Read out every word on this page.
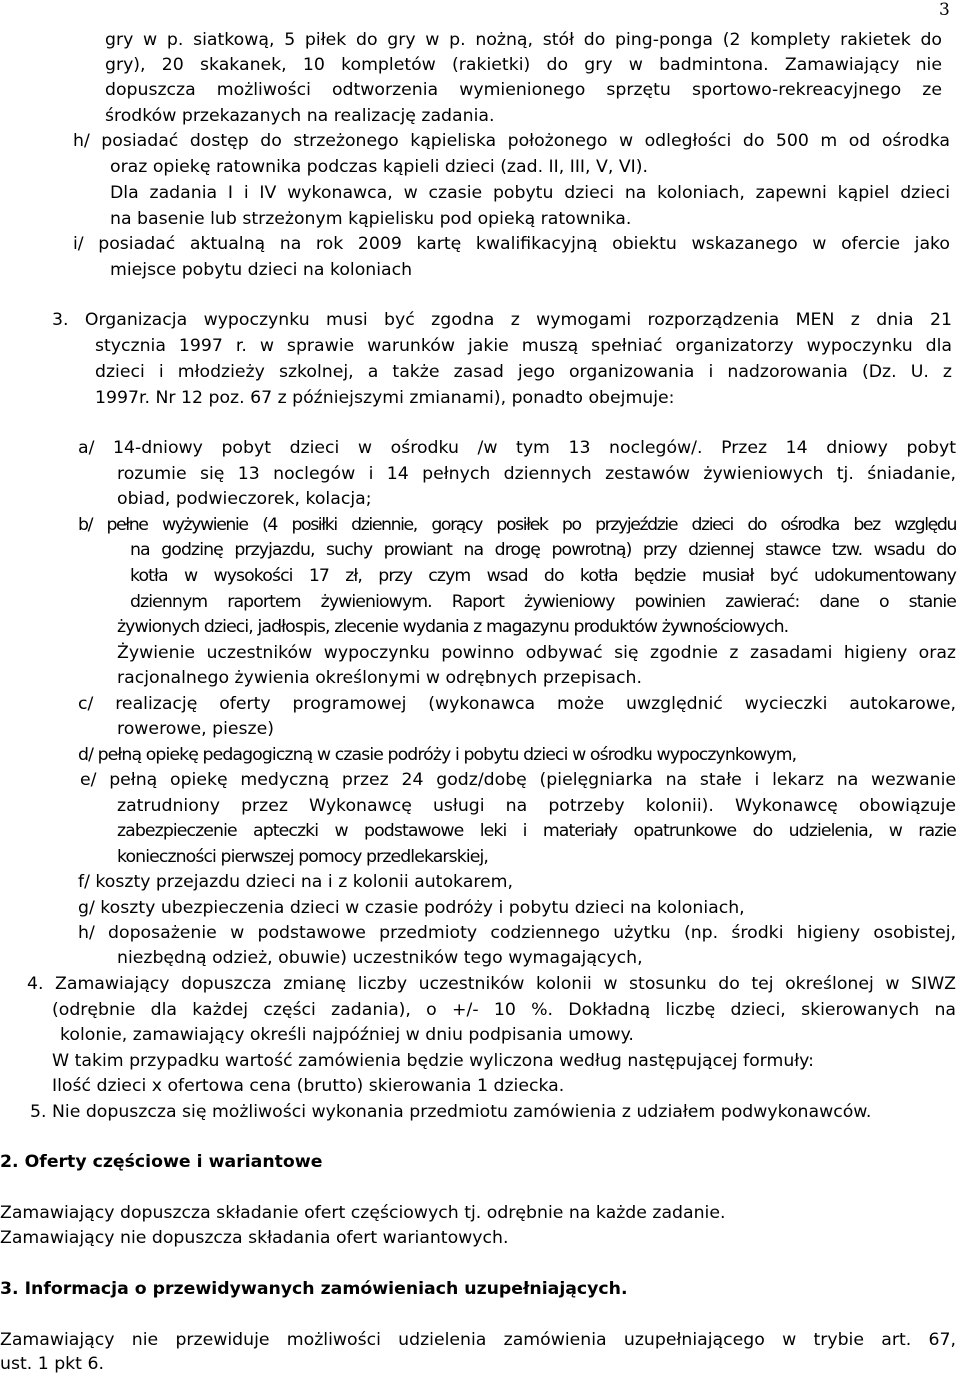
3
gry w p. siatkową, 5 piłek do gry w p. nożną, stół do ping-ponga (2 komplety rakietek do
gry), 20 skakanek, 10 kompletów (rakietki) do gry w badmintona. Zamawiający nie
dopuszcza możliwości odtworzenia wymienionego sprzętu sportowo-rekreacyjnego ze
środków przekazanych na realizację zadania.
h/ posiadać dostęp do strzeżonego kąpieliska położonego w odległości do 500 m od ośrodka
oraz opiekę ratownika podczas kąpieli dzieci (zad. II, III, V, VI).
Dla zadania I i IV wykonawca, w czasie pobytu dzieci na koloniach, zapewni kąpiel dzieci
na basenie lub strzeżonym kąpielisku pod opieką ratownika.
i/ posiadać aktualną na rok 2009 kartę kwalifikacyjną obiektu wskazanego w ofercie jako
miejsce pobytu dzieci na koloniach
3. Organizacja wypoczynku musi być zgodna z wymogami rozporządzenia MEN z dnia 21
stycznia 1997 r. w sprawie warunków jakie muszą spełniać organizatorzy wypoczynku dla
dzieci i młodzieży szkolnej, a także zasad jego organizowania i nadzorowania (Dz. U. z
1997r. Nr 12 poz. 67 z późniejszymi zmianami), ponadto obejmuje:
a/ 14-dniowy pobyt dzieci w ośrodku /w tym 13 noclegów/. Przez 14 dniowy pobyt
rozumie się 13 noclegów i 14 pełnych dziennych zestawów żywieniowych tj. śniadanie,
obiad, podwieczorek, kolacja;
b/ pełne wyżywienie (4 posiłki dziennie, gorący posiłek po przyjeździe dzieci do ośrodka bez względu
na godzinę przyjazdu, suchy prowiant na drogę powrotną) przy dziennej stawce tzw. wsadu do
kotła w wysokości 17 zł, przy czym wsad do kotła będzie musiał być udokumentowany
dziennym raportem żywieniowym. Raport żywieniowy powinien zawierać: dane o stanie
żywionych dzieci, jadłospis, zlecenie wydania z magazynu produktów żywnościowych.
Żywienie uczestników wypoczynku powinno odbywać się zgodnie z zasadami higieny oraz
racjonalnego żywienia określonymi w odrębnych przepisach.
c/ realizację oferty programowej (wykonawca może uwzględnić wycieczki autokarowe,
rowerowe, piesze)
d/ pełną opiekę pedagogiczną w czasie podróży i pobytu dzieci w ośrodku wypoczynkowym,
e/ pełną opiekę medyczną przez 24 godz/dobę (pielęgniarka na stałe i lekarz na wezwanie
zatrudniony przez Wykonawcę usługi na potrzeby kolonii). Wykonawcę obowiązuje
zabezpieczenie apteczki w podstawowe leki i materiały opatrunkowe do udzielenia, w razie
konieczności pierwszej pomocy przedlekarskiej,
f/ koszty przejazdu dzieci na i z kolonii autokarem,
g/ koszty ubezpieczenia dzieci w czasie podróży i pobytu dzieci na koloniach,
h/ doposażenie w podstawowe przedmioty codziennego użytku (np. środki higieny osobistej,
niezbędną odzież, obuwie) uczestników tego wymagających,
4. Zamawiający dopuszcza zmianę liczby uczestników kolonii w stosunku do tej określonej w SIWZ
(odrębnie dla każdej części zadania), o +/- 10 %. Dokładną liczbę dzieci, skierowanych na
kolonie, zamawiający określi najpóźniej w dniu podpisania umowy.
W takim przypadku wartość zamówienia będzie wyliczona według następującej formuły:
Ilość dzieci x ofertowa cena (brutto) skierowania 1 dziecka.
5. Nie dopuszcza się możliwości wykonania przedmiotu zamówienia z udziałem podwykonawców.
2. Oferty częściowe i wariantowe
Zamawiający dopuszcza składanie ofert częściowych tj. odrębnie na każde zadanie.
Zamawiający nie dopuszcza składania ofert wariantowych.
3. Informacja o przewidywanych zamówieniach uzupełniających.
Zamawiający nie przewiduje możliwości udzielenia zamówienia uzupełniającego w trybie art. 67,
ust. 1 pkt 6.
